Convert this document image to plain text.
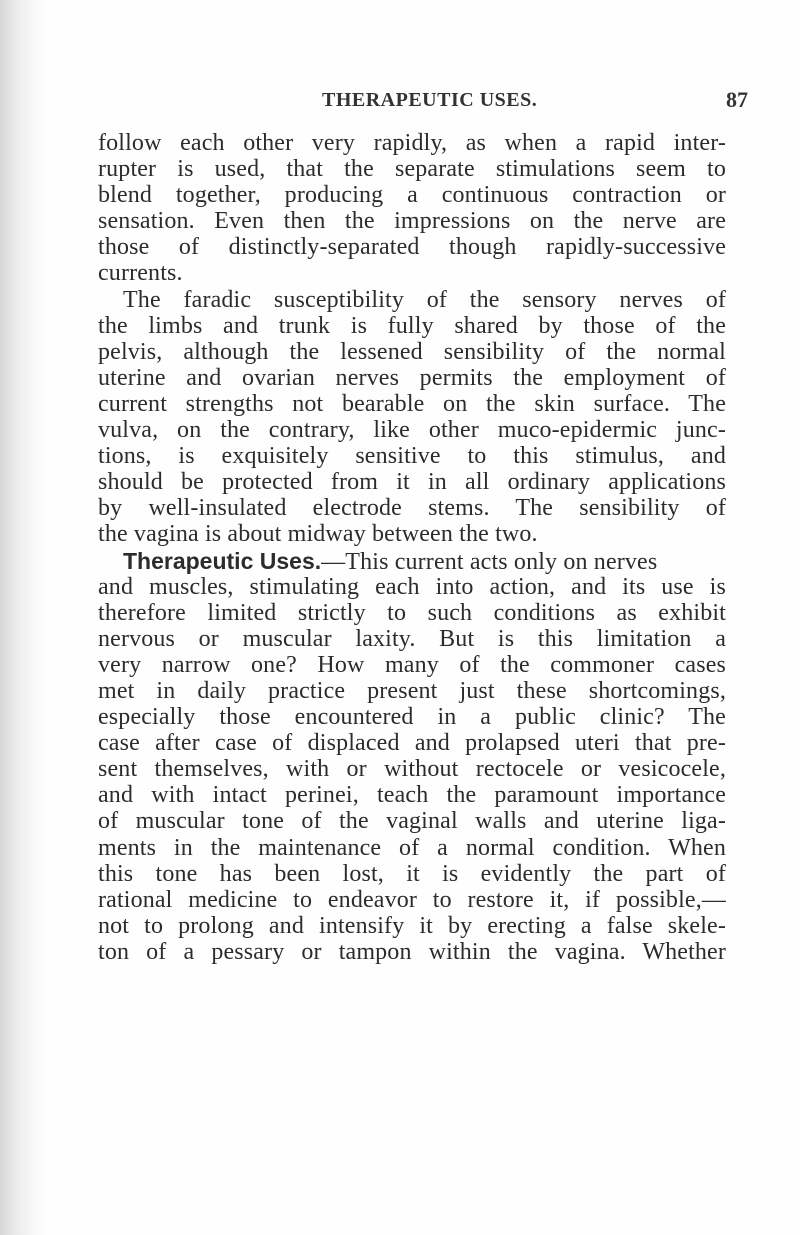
THERAPEUTIC USES.	87
follow each other very rapidly, as when a rapid inter-
rupter is used, that the separate stimulations seem to
blend together, producing a continuous contraction or
sensation. Even then the impressions on the nerve are
those of distinctly-separated though rapidly-successive
currents.
The faradic susceptibility of the sensory nerves of
the limbs and trunk is fully shared by those of the
pelvis, although the lessened sensibility of the normal
uterine and ovarian nerves permits the employment of
current strengths not bearable on the skin surface. The
vulva, on the contrary, like other muco-epidermic junc-
tions, is exquisitely sensitive to this stimulus, and
should be protected from it in all ordinary applications
by well-insulated electrode stems. The sensibility of
the vagina is about midway between the two.
Therapeutic Uses.—This current acts only on nerves
and muscles, stimulating each into action, and its use is
therefore limited strictly to such conditions as exhibit
nervous or muscular laxity. But is this limitation a
very narrow one? How many of the commoner cases
met in daily practice present just these shortcomings,
especially those encountered in a public clinic? The
case after case of displaced and prolapsed uteri that pre-
sent themselves, with or without rectocele or vesicocele,
and with intact perinei, teach the paramount importance
of muscular tone of the vaginal walls and uterine liga-
ments in the maintenance of a normal condition. When
this tone has been lost, it is evidently the part of
rational medicine to endeavor to restore it, if possible,—
not to prolong and intensify it by erecting a false skele-
ton of a pessary or tampon within the vagina. Whether
